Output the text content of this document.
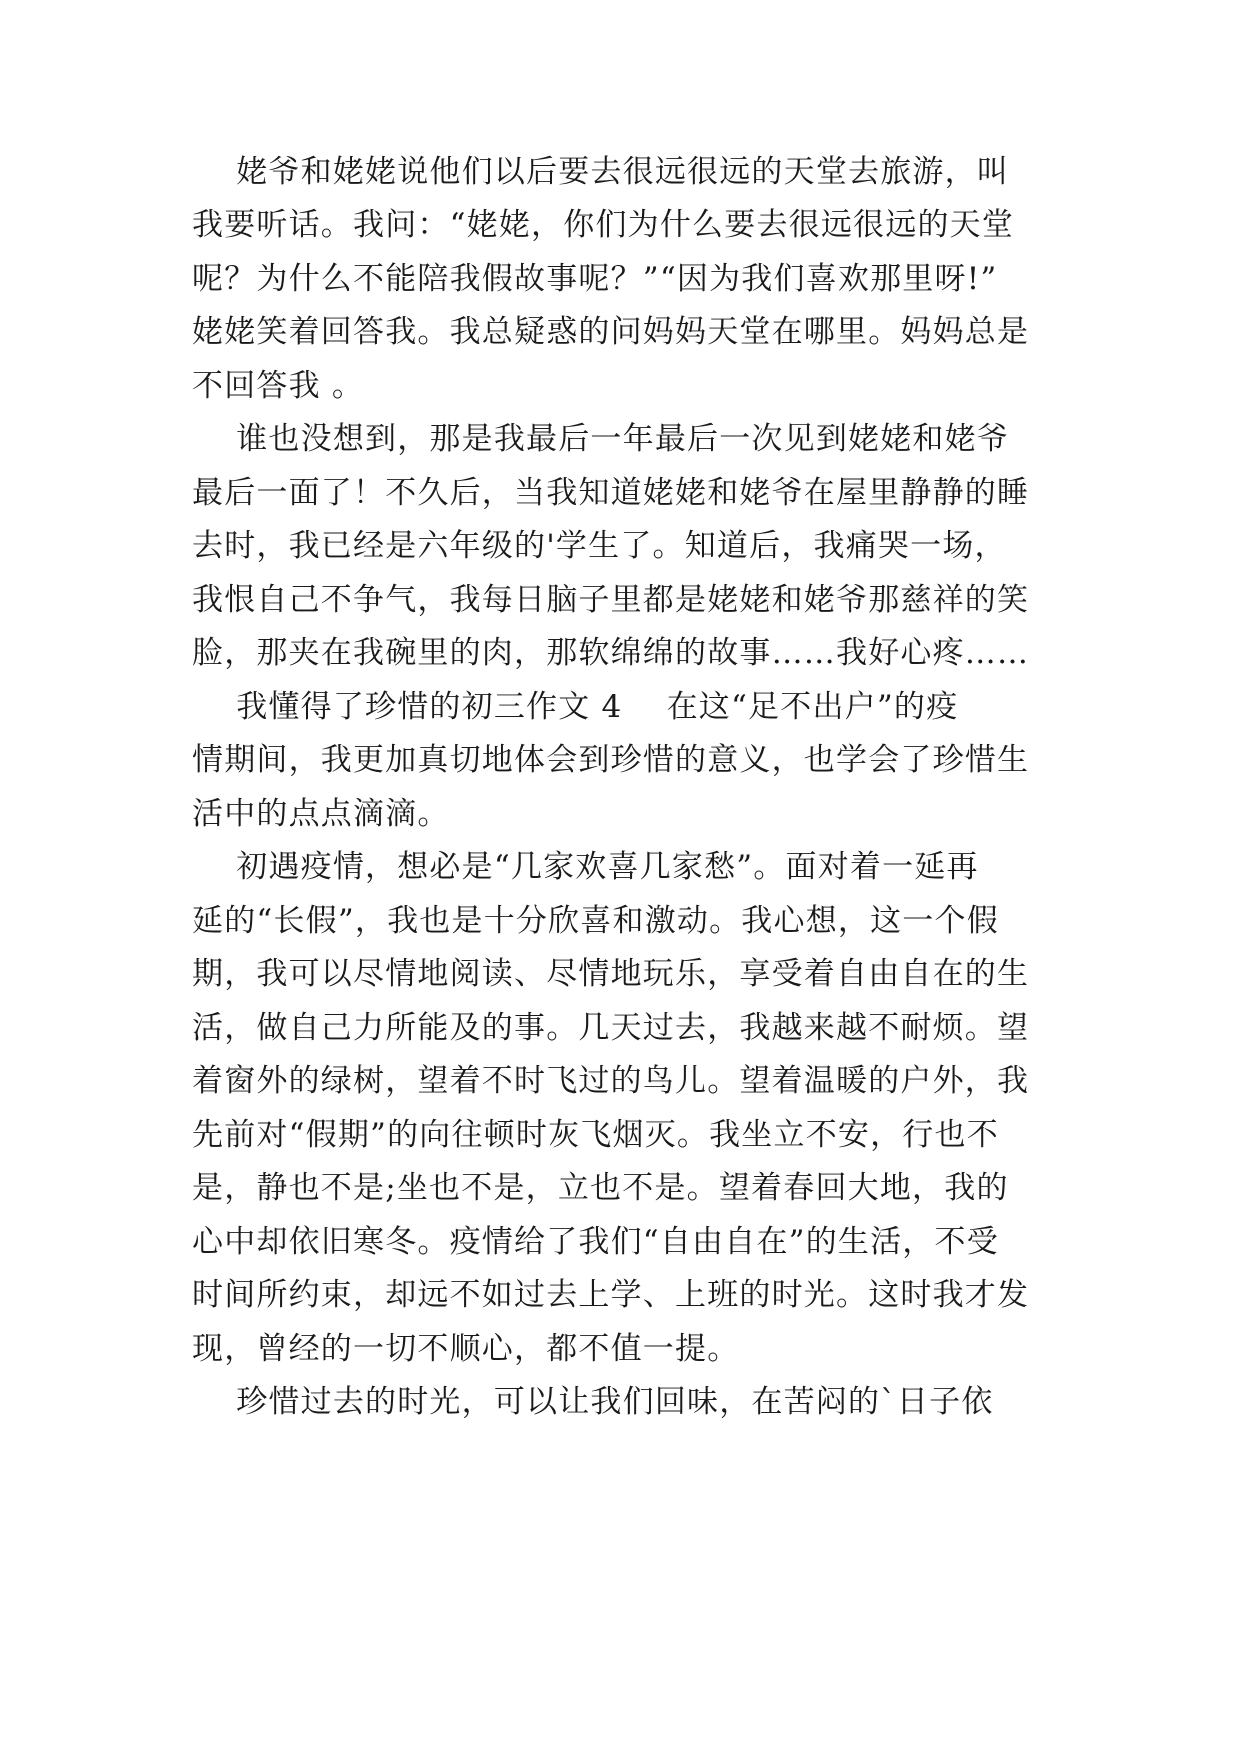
姥爷和姥姥说他们以后要去很远很远的天堂去旅游，叫
我要听话。我问：“姥姥，你们为什么要去很远很远的天堂
呢？为什么不能陪我假故事呢？”“因为我们喜欢那里呀!”
姥姥笑着回答我。我总疑惑的问妈妈天堂在哪里。妈妈总是
不回答我 。
谁也没想到，那是我最后一年最后一次见到姥姥和姥爷
最后一面了！不久后，当我知道姥姥和姥爷在屋里静静的睡
去时，我已经是六年级的'学生了。知道后，我痛哭一场，
我恨自己不争气，我每日脑子里都是姥姥和姥爷那慈祥的笑
脸，那夹在我碗里的肉，那软绵绵的故事……我好心疼……
我懂得了珍惜的初三作文 4    在这“足不出户”的疫
情期间，我更加真切地体会到珍惜的意义，也学会了珍惜生
活中的点点滴滴。
初遇疫情，想必是“几家欢喜几家愁”。面对着一延再
延的“长假”，我也是十分欣喜和激动。我心想，这一个假
期，我可以尽情地阅读、尽情地玩乐，享受着自由自在的生
活，做自己力所能及的事。几天过去，我越来越不耐烦。望
着窗外的绿树，望着不时飞过的鸟儿。望着温暖的户外，我
先前对“假期”的向往顿时灰飞烟灭。我坐立不安，行也不
是，静也不是;坐也不是，立也不是。望着春回大地，我的
心中却依旧寒冬。疫情给了我们“自由自在”的生活，不受
时间所约束，却远不如过去上学、上班的时光。这时我才发
现，曾经的一切不顺心，都不值一提。
珍惜过去的时光，可以让我们回味，在苦闷的`日子依
